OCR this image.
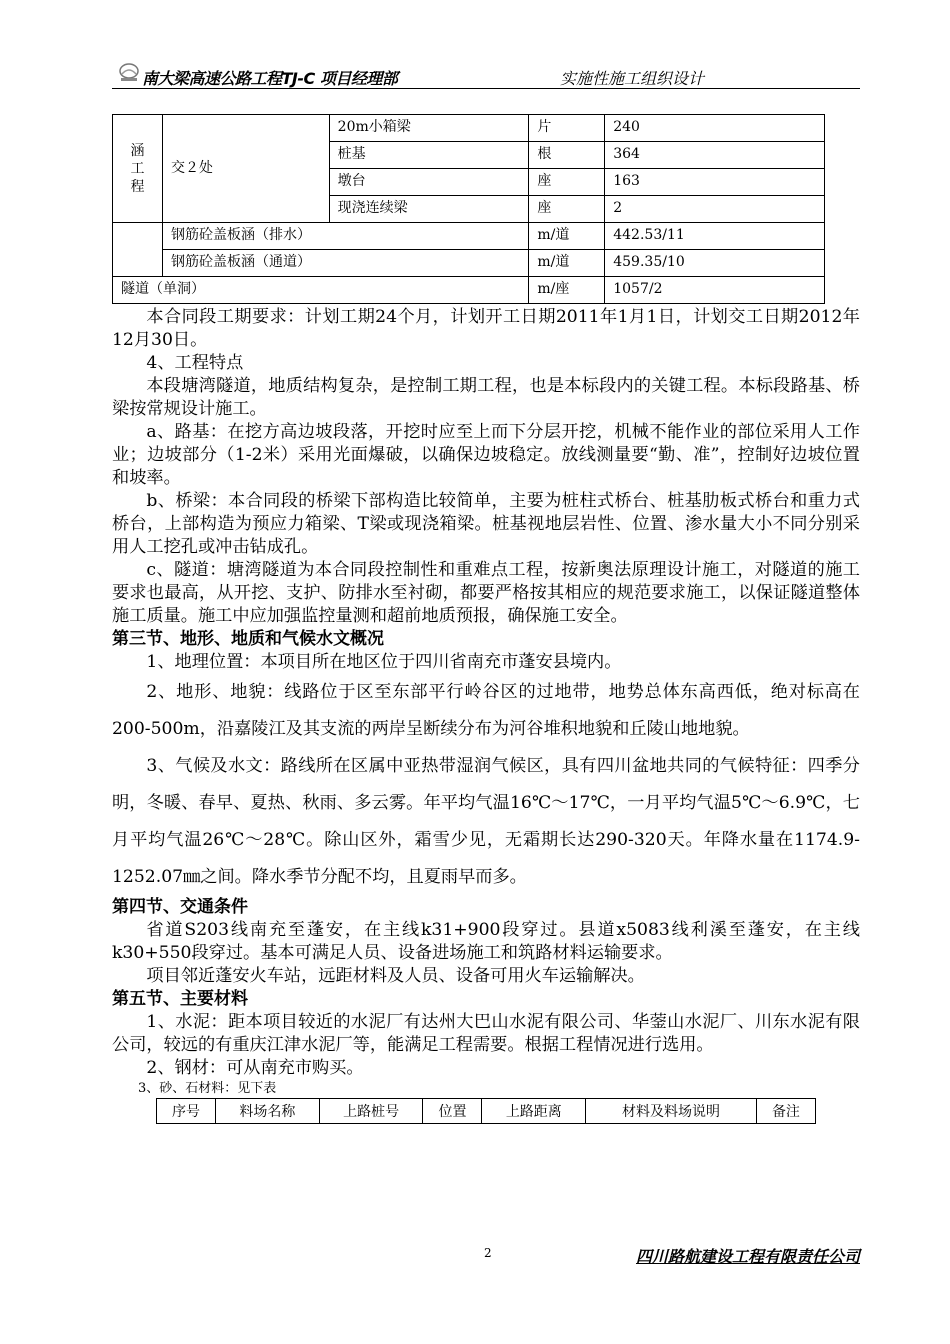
南大梁高速公路工程TJ-C 项目经理部	实施性施工组织设计
涵
工
程	交２处	20m小箱梁	片	240
		桩基	根	364
		墩台	座	163
		现浇连续梁	座	2
	钢筋砼盖板涵（排水）		m/道	442.53/11
	钢筋砼盖板涵（通道）		m/道	459.35/10
隧道（单洞）			m/座	1057/2

本合同段工期要求：计划工期24个月，计划开工日期2011年1月1日，计划交工日期2012年12月30日。

4、工程特点

本段塘湾隧道，地质结构复杂，是控制工期工程，也是本标段内的关键工程。本标段路基、桥梁按常规设计施工。

a、路基：在挖方高边坡段落，开挖时应至上而下分层开挖，机械不能作业的部位采用人工作业；边坡部分（1-2米）采用光面爆破，以确保边坡稳定。放线测量要“勤、准”，控制好边坡位置和坡率。

b、桥梁：本合同段的桥梁下部构造比较简单，主要为桩柱式桥台、桩基肋板式桥台和重力式桥台，上部构造为预应力箱梁、T梁或现浇箱梁。桩基视地层岩性、位置、渗水量大小不同分别采用人工挖孔或冲击钻成孔。

c、隧道：塘湾隧道为本合同段控制性和重难点工程，按新奥法原理设计施工，对隧道的施工要求也最高，从开挖、支护、防排水至衬砌，都要严格按其相应的规范要求施工，以保证隧道整体施工质量。施工中应加强监控量测和超前地质预报，确保施工安全。

第三节、地形、地质和气候水文概况

1、地理位置：本项目所在地区位于四川省南充市蓬安县境内。

2、地形、地貌：线路位于区至东部平行岭谷区的过地带，地势总体东高西低，绝对标高在200-500m，沿嘉陵江及其支流的两岸呈断续分布为河谷堆积地貌和丘陵山地地貌。

3、气候及水文：路线所在区属中亚热带湿润气候区，具有四川盆地共同的气候特征：四季分明，冬暖、春早、夏热、秋雨、多云雾。年平均气温16℃～17℃，一月平均气温5℃～6.9℃，七月平均气温26℃～28℃。除山区外，霜雪少见，无霜期长达290-320天。年降水量在1174.9-1252.07㎜之间。降水季节分配不均，且夏雨早而多。

第四节、交通条件

省道S203线南充至蓬安，在主线k31+900段穿过。县道x5083线利溪至蓬安，在主线k30+550段穿过。基本可满足人员、设备进场施工和筑路材料运输要求。

项目邻近蓬安火车站，远距材料及人员、设备可用火车运输解决。

第五节、主要材料

1、水泥：距本项目较近的水泥厂有达州大巴山水泥有限公司、华蓥山水泥厂、川东水泥有限公司，较远的有重庆江津水泥厂等，能满足工程需要。根据工程情况进行选用。

2、钢材：可从南充市购买。

3、砂、石材料：见下表

序号	料场名称	上路桩号	位置	上路距离	材料及料场说明	备注
2	四川路航建设工程有限责任公司
